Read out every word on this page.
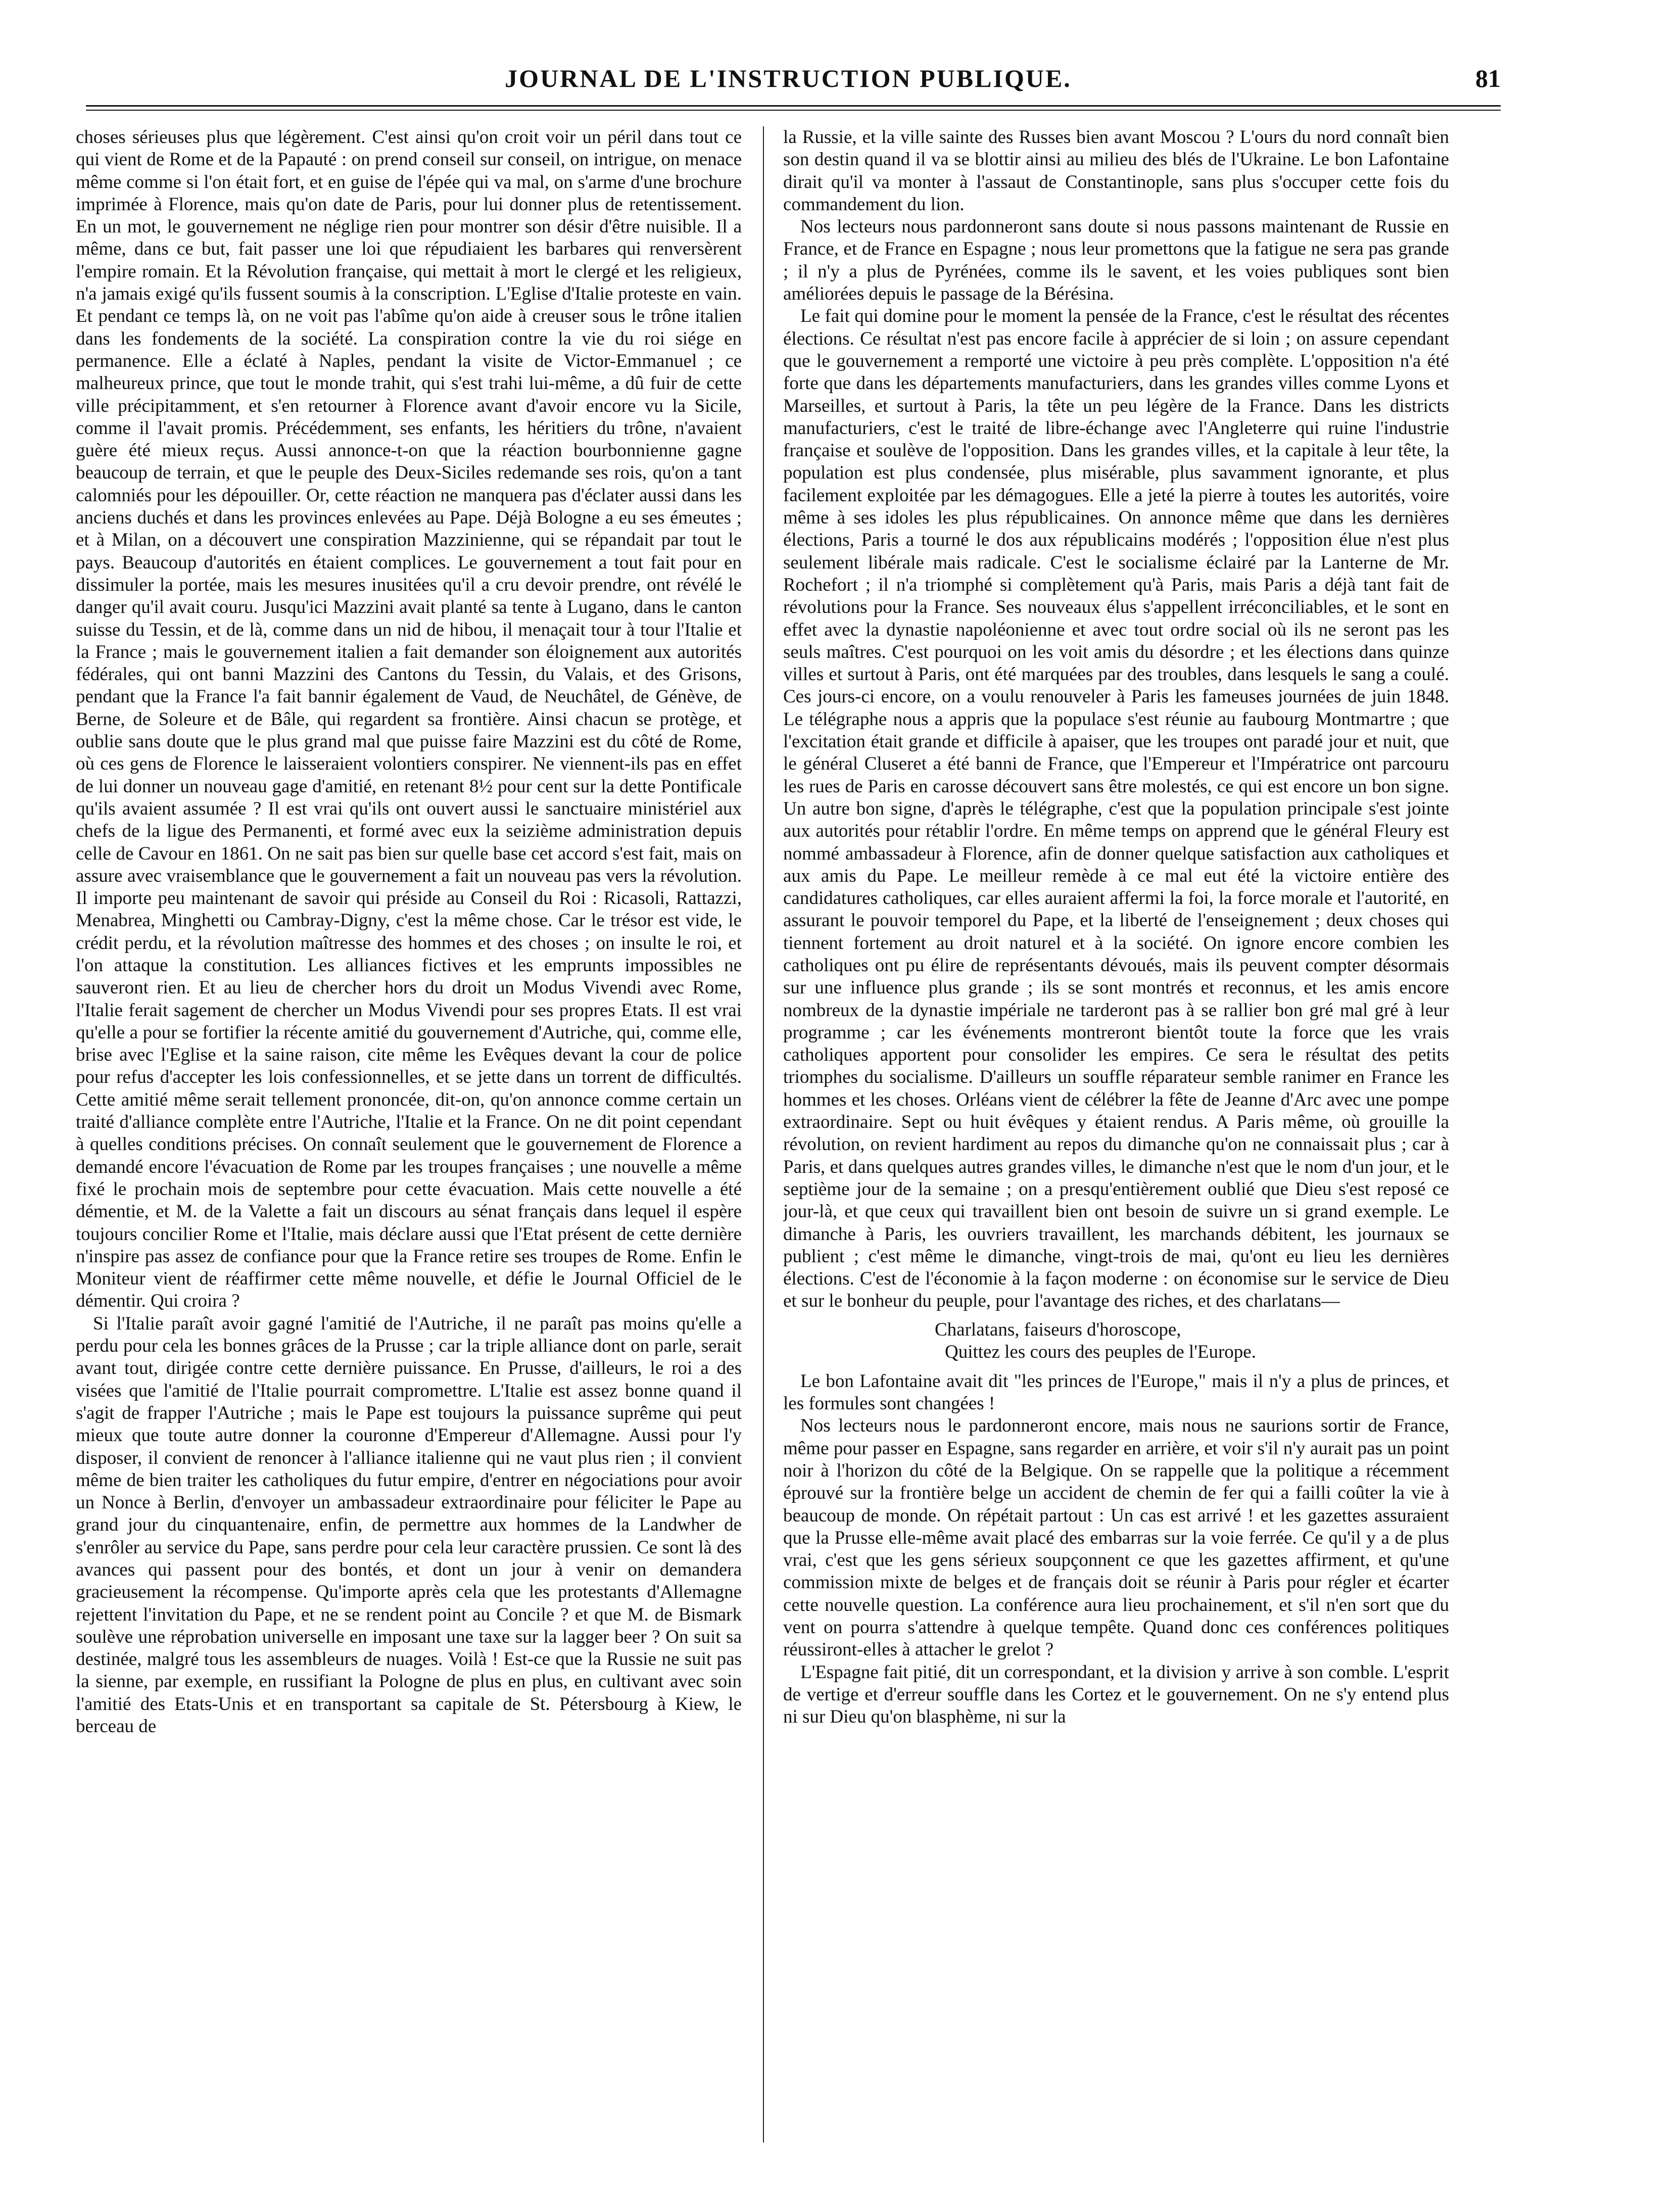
JOURNAL DE L'INSTRUCTION PUBLIQUE.	81

choses sérieuses plus que légèrement. C'est ainsi qu'on croit voir un péril dans tout ce qui vient de Rome et de la Papauté : on prend conseil sur conseil, on intrigue, on menace même comme si l'on était fort, et en guise de l'épée qui va mal, on s'arme d'une brochure imprimée à Florence, mais qu'on date de Paris, pour lui donner plus de retentissement. En un mot, le gouvernement ne néglige rien pour montrer son désir d'être nuisible. Il a même, dans ce but, fait passer une loi que répudiaient les barbares qui renversèrent l'empire romain. Et la Révolution française, qui mettait à mort le clergé et les religieux, n'a jamais exigé qu'ils fussent soumis à la conscription. L'Eglise d'Italie proteste en vain. Et pendant ce temps là, on ne voit pas l'abîme qu'on aide à creuser sous le trône italien dans les fondements de la société. La conspiration contre la vie du roi siége en permanence. Elle a éclaté à Naples, pendant la visite de Victor-Emmanuel ; ce malheureux prince, que tout le monde trahit, qui s'est trahi lui-même, a dû fuir de cette ville précipitamment, et s'en retourner à Florence avant d'avoir encore vu la Sicile, comme il l'avait promis. Précédemment, ses enfants, les héritiers du trône, n'avaient guère été mieux reçus. Aussi annonce-t-on que la réaction bourbonnienne gagne beaucoup de terrain, et que le peuple des Deux-Siciles redemande ses rois, qu'on a tant calomniés pour les dépouiller. Or, cette réaction ne manquera pas d'éclater aussi dans les anciens duchés et dans les provinces enlevées au Pape. Déjà Bologne a eu ses émeutes ; et à Milan, on a découvert une conspiration Mazzinienne, qui se répandait par tout le pays. Beaucoup d'autorités en étaient complices. Le gouvernement a tout fait pour en dissimuler la portée, mais les mesures inusitées qu'il a cru devoir prendre, ont révélé le danger qu'il avait couru. Jusqu'ici Mazzini avait planté sa tente à Lugano, dans le canton suisse du Tessin, et de là, comme dans un nid de hibou, il menaçait tour à tour l'Italie et la France ; mais le gouvernement italien a fait demander son éloignement aux autorités fédérales, qui ont banni Mazzini des Cantons du Tessin, du Valais, et des Grisons, pendant que la France l'a fait bannir également de Vaud, de Neuchâtel, de Génève, de Berne, de Soleure et de Bâle, qui regardent sa frontière. Ainsi chacun se protège, et oublie sans doute que le plus grand mal que puisse faire Mazzini est du côté de Rome, où ces gens de Florence le laisseraient volontiers conspirer. Ne viennent-ils pas en effet de lui donner un nouveau gage d'amitié, en retenant 8½ pour cent sur la dette Pontificale qu'ils avaient assumée ? Il est vrai qu'ils ont ouvert aussi le sanctuaire ministériel aux chefs de la ligue des Permanenti, et formé avec eux la seizième administration depuis celle de Cavour en 1861. On ne sait pas bien sur quelle base cet accord s'est fait, mais on assure avec vraisemblance que le gouvernement a fait un nouveau pas vers la révolution. Il importe peu maintenant de savoir qui préside au Conseil du Roi : Ricasoli, Rattazzi, Menabrea, Minghetti ou Cambray-Digny, c'est la même chose. Car le trésor est vide, le crédit perdu, et la révolution maîtresse des hommes et des choses ; on insulte le roi, et l'on attaque la constitution. Les alliances fictives et les emprunts impossibles ne sauveront rien. Et au lieu de chercher hors du droit un Modus Vivendi avec Rome, l'Italie ferait sagement de chercher un Modus Vivendi pour ses propres Etats. Il est vrai qu'elle a pour se fortifier la récente amitié du gouvernement d'Autriche, qui, comme elle, brise avec l'Eglise et la saine raison, cite même les Evêques devant la cour de police pour refus d'accepter les lois confessionnelles, et se jette dans un torrent de difficultés. Cette amitié même serait tellement prononcée, dit-on, qu'on annonce comme certain un traité d'alliance complète entre l'Autriche, l'Italie et la France. On ne dit point cependant à quelles conditions précises. On connaît seulement que le gouvernement de Florence a demandé encore l'évacuation de Rome par les troupes françaises ; une nouvelle a même fixé le prochain mois de septembre pour cette évacuation. Mais cette nouvelle a été démentie, et M. de la Valette a fait un discours au sénat français dans lequel il espère toujours concilier Rome et l'Italie, mais déclare aussi que l'Etat présent de cette dernière n'inspire pas assez de confiance pour que la France retire ses troupes de Rome. Enfin le Moniteur vient de réaffirmer cette même nouvelle, et défie le Journal Officiel de le démentir. Qui croira ?

Si l'Italie paraît avoir gagné l'amitié de l'Autriche, il ne paraît pas moins qu'elle a perdu pour cela les bonnes grâces de la Prusse ; car la triple alliance dont on parle, serait avant tout, dirigée contre cette dernière puissance. En Prusse, d'ailleurs, le roi a des visées que l'amitié de l'Italie pourrait compromettre. L'Italie est assez bonne quand il s'agit de frapper l'Autriche ; mais le Pape est toujours la puissance suprême qui peut mieux que toute autre donner la couronne d'Empereur d'Allemagne. Aussi pour l'y disposer, il convient de renoncer à l'alliance italienne qui ne vaut plus rien ; il convient même de bien traiter les catholiques du futur empire, d'entrer en négociations pour avoir un Nonce à Berlin, d'envoyer un ambassadeur extraordinaire pour féliciter le Pape au grand jour du cinquantenaire, enfin, de permettre aux hommes de la Landwher de s'enrôler au service du Pape, sans perdre pour cela leur caractère prussien. Ce sont là des avances qui passent pour des bontés, et dont un jour à venir on demandera gracieusement la récompense. Qu'importe après cela que les protestants d'Allemagne rejettent l'invitation du Pape, et ne se rendent point au Concile ? et que M. de Bismark soulève une réprobation universelle en imposant une taxe sur la lagger beer ? On suit sa destinée, malgré tous les assembleurs de nuages. Voilà ! Est-ce que la Russie ne suit pas la sienne, par exemple, en russifiant la Pologne de plus en plus, en cultivant avec soin l'amitié des Etats-Unis et en transportant sa capitale de St. Pétersbourg à Kiew, le berceau de

la Russie, et la ville sainte des Russes bien avant Moscou ? L'ours du nord connaît bien son destin quand il va se blottir ainsi au milieu des blés de l'Ukraine. Le bon Lafontaine dirait qu'il va monter à l'assaut de Constantinople, sans plus s'occuper cette fois du commandement du lion.

Nos lecteurs nous pardonneront sans doute si nous passons maintenant de Russie en France, et de France en Espagne ; nous leur promettons que la fatigue ne sera pas grande ; il n'y a plus de Pyrénées, comme ils le savent, et les voies publiques sont bien améliorées depuis le passage de la Bérésina.

Le fait qui domine pour le moment la pensée de la France, c'est le résultat des récentes élections. Ce résultat n'est pas encore facile à apprécier de si loin ; on assure cependant que le gouvernement a remporté une victoire à peu près complète. L'opposition n'a été forte que dans les départements manufacturiers, dans les grandes villes comme Lyons et Marseilles, et surtout à Paris, la tête un peu légère de la France. Dans les districts manufacturiers, c'est le traité de libre-échange avec l'Angleterre qui ruine l'industrie française et soulève de l'opposition. Dans les grandes villes, et la capitale à leur tête, la population est plus condensée, plus misérable, plus savamment ignorante, et plus facilement exploitée par les démagogues. Elle a jeté la pierre à toutes les autorités, voire même à ses idoles les plus républicaines. On annonce même que dans les dernières élections, Paris a tourné le dos aux républicains modérés ; l'opposition élue n'est plus seulement libérale mais radicale. C'est le socialisme éclairé par la Lanterne de Mr. Rochefort ; il n'a triomphé si complètement qu'à Paris, mais Paris a déjà tant fait de révolutions pour la France. Ses nouveaux élus s'appellent irréconciliables, et le sont en effet avec la dynastie napoléonienne et avec tout ordre social où ils ne seront pas les seuls maîtres. C'est pourquoi on les voit amis du désordre ; et les élections dans quinze villes et surtout à Paris, ont été marquées par des troubles, dans lesquels le sang a coulé. Ces jours-ci encore, on a voulu renouveler à Paris les fameuses journées de juin 1848. Le télégraphe nous a appris que la populace s'est réunie au faubourg Montmartre ; que l'excitation était grande et difficile à apaiser, que les troupes ont paradé jour et nuit, que le général Cluseret a été banni de France, que l'Empereur et l'Impératrice ont parcouru les rues de Paris en carosse découvert sans être molestés, ce qui est encore un bon signe. Un autre bon signe, d'après le télégraphe, c'est que la population principale s'est jointe aux autorités pour rétablir l'ordre. En même temps on apprend que le général Fleury est nommé ambassadeur à Florence, afin de donner quelque satisfaction aux catholiques et aux amis du Pape. Le meilleur remède à ce mal eut été la victoire entière des candidatures catholiques, car elles auraient affermi la foi, la force morale et l'autorité, en assurant le pouvoir temporel du Pape, et la liberté de l'enseignement ; deux choses qui tiennent fortement au droit naturel et à la société. On ignore encore combien les catholiques ont pu élire de représentants dévoués, mais ils peuvent compter désormais sur une influence plus grande ; ils se sont montrés et reconnus, et les amis encore nombreux de la dynastie impériale ne tarderont pas à se rallier bon gré mal gré à leur programme ; car les événements montreront bientôt toute la force que les vrais catholiques apportent pour consolider les empires. Ce sera le résultat des petits triomphes du socialisme. D'ailleurs un souffle réparateur semble ranimer en France les hommes et les choses. Orléans vient de célébrer la fête de Jeanne d'Arc avec une pompe extraordinaire. Sept ou huit évêques y étaient rendus. A Paris même, où grouille la révolution, on revient hardiment au repos du dimanche qu'on ne connaissait plus ; car à Paris, et dans quelques autres grandes villes, le dimanche n'est que le nom d'un jour, et le septième jour de la semaine ; on a presqu'entièrement oublié que Dieu s'est reposé ce jour-là, et que ceux qui travaillent bien ont besoin de suivre un si grand exemple. Le dimanche à Paris, les ouvriers travaillent, les marchands débitent, les journaux se publient ; c'est même le dimanche, vingt-trois de mai, qu'ont eu lieu les dernières élections. C'est de l'économie à la façon moderne : on économise sur le service de Dieu et sur le bonheur du peuple, pour l'avantage des riches, et des charlatans—

Charlatans, faiseurs d'horoscope,
Quittez les cours des peuples de l'Europe.

Le bon Lafontaine avait dit "les princes de l'Europe," mais il n'y a plus de princes, et les formules sont changées !

Nos lecteurs nous le pardonneront encore, mais nous ne saurions sortir de France, même pour passer en Espagne, sans regarder en arrière, et voir s'il n'y aurait pas un point noir à l'horizon du côté de la Belgique. On se rappelle que la politique a récemment éprouvé sur la frontière belge un accident de chemin de fer qui a failli coûter la vie à beaucoup de monde. On répétait partout : Un cas est arrivé ! et les gazettes assuraient que la Prusse elle-même avait placé des embarras sur la voie ferrée. Ce qu'il y a de plus vrai, c'est que les gens sérieux soupçonnent ce que les gazettes affirment, et qu'une commission mixte de belges et de français doit se réunir à Paris pour régler et écarter cette nouvelle question. La conférence aura lieu prochainement, et s'il n'en sort que du vent on pourra s'attendre à quelque tempête. Quand donc ces conférences politiques réussiront-elles à attacher le grelot ?

L'Espagne fait pitié, dit un correspondant, et la division y arrive à son comble. L'esprit de vertige et d'erreur souffle dans les Cortez et le gouvernement. On ne s'y entend plus ni sur Dieu qu'on blasphème, ni sur la
